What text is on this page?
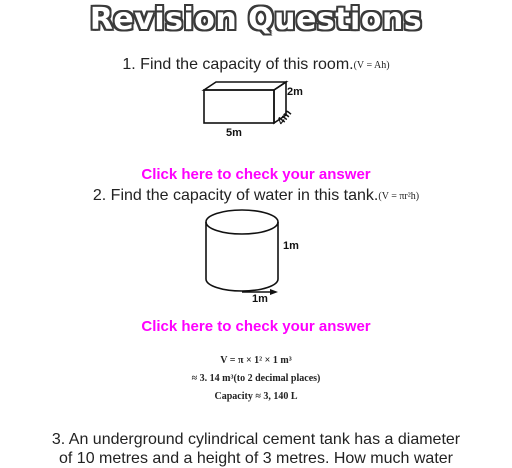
Revision Questions
1. Find the capacity of this room.(V = Ah)
2m
5m
4m
Click here to check your answer
2. Find the capacity of water in this tank.(V = πr²h)
1m
1m
Click here to check your answer
V = π × 1² × 1 m³
≈ 3. 14 m³(to 2 decimal places)
Capacity ≈ 3, 140 L
3. An underground cylindrical cement tank has a diameter
of 10 metres and a height of 3 metres. How much water
